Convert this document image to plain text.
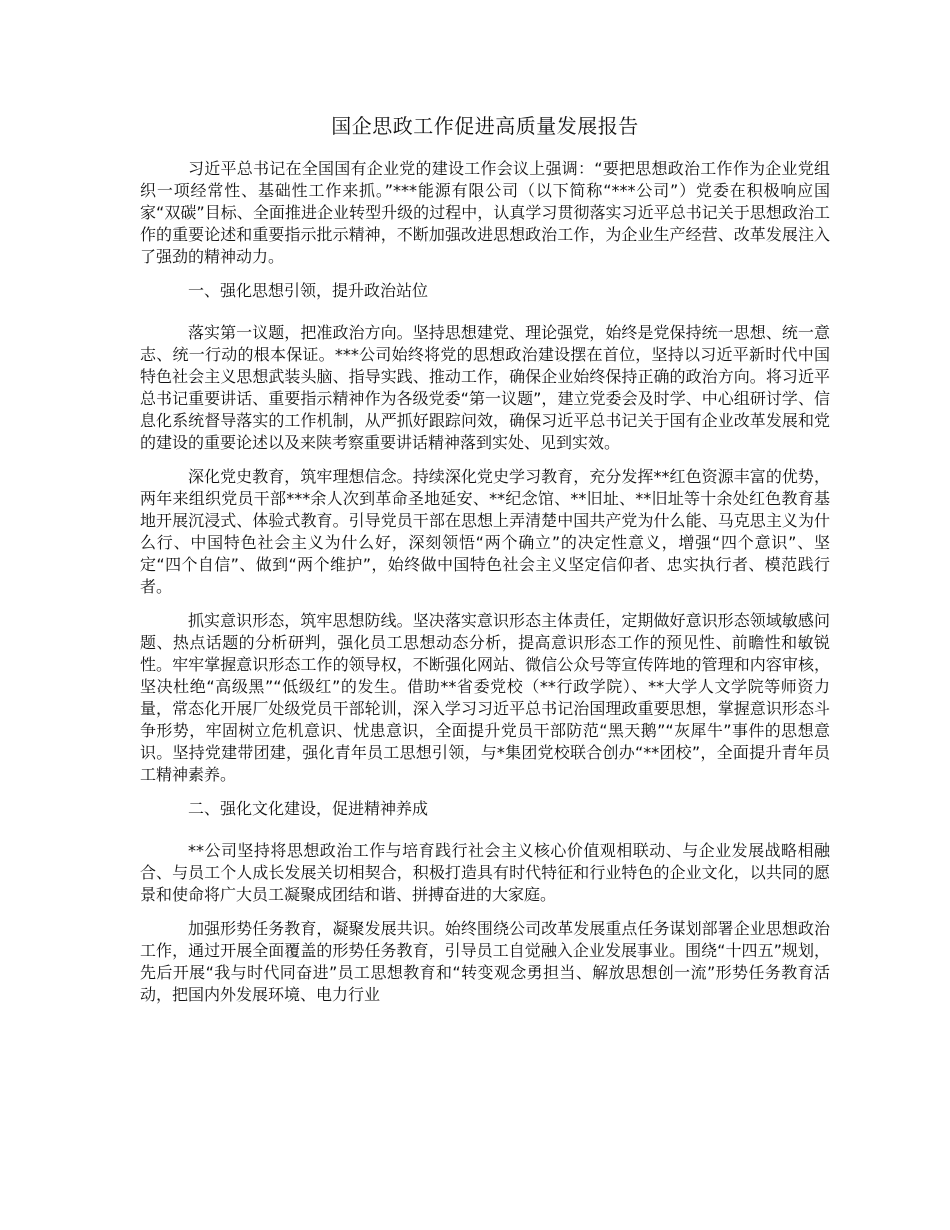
国企思政工作促进高质量发展报告

习近平总书记在全国国有企业党的建设工作会议上强调：“要把思想政治工作作为企业党组织一项经常性、基础性工作来抓。”***能源有限公司（以下简称“***公司”）党委在积极响应国家“双碳”目标、全面推进企业转型升级的过程中，认真学习贯彻落实习近平总书记关于思想政治工作的重要论述和重要指示批示精神，不断加强改进思想政治工作，为企业生产经营、改革发展注入了强劲的精神动力。

一、强化思想引领，提升政治站位

落实第一议题，把准政治方向。坚持思想建党、理论强党，始终是党保持统一思想、统一意志、统一行动的根本保证。***公司始终将党的思想政治建设摆在首位，坚持以习近平新时代中国特色社会主义思想武装头脑、指导实践、推动工作，确保企业始终保持正确的政治方向。将习近平总书记重要讲话、重要指示精神作为各级党委“第一议题”，建立党委会及时学、中心组研讨学、信息化系统督导落实的工作机制，从严抓好跟踪问效，确保习近平总书记关于国有企业改革发展和党的建设的重要论述以及来陕考察重要讲话精神落到实处、见到实效。

深化党史教育，筑牢理想信念。持续深化党史学习教育，充分发挥**红色资源丰富的优势，两年来组织党员干部***余人次到革命圣地延安、**纪念馆、**旧址、**旧址等十余处红色教育基地开展沉浸式、体验式教育。引导党员干部在思想上弄清楚中国共产党为什么能、马克思主义为什么行、中国特色社会主义为什么好，深刻领悟“两个确立”的决定性意义，增强“四个意识”、坚定“四个自信”、做到“两个维护”，始终做中国特色社会主义坚定信仰者、忠实执行者、模范践行者。

抓实意识形态，筑牢思想防线。坚决落实意识形态主体责任，定期做好意识形态领域敏感问题、热点话题的分析研判，强化员工思想动态分析，提高意识形态工作的预见性、前瞻性和敏锐性。牢牢掌握意识形态工作的领导权，不断强化网站、微信公众号等宣传阵地的管理和内容审核，坚决杜绝“高级黑”“低级红”的发生。借助**省委党校（**行政学院）、**大学人文学院等师资力量，常态化开展厂处级党员干部轮训，深入学习习近平总书记治国理政重要思想，掌握意识形态斗争形势，牢固树立危机意识、忧患意识，全面提升党员干部防范“黑天鹅”“灰犀牛”事件的思想意识。坚持党建带团建，强化青年员工思想引领，与*集团党校联合创办“**团校”，全面提升青年员工精神素养。

二、强化文化建设，促进精神养成

**公司坚持将思想政治工作与培育践行社会主义核心价值观相联动、与企业发展战略相融合、与员工个人成长发展关切相契合，积极打造具有时代特征和行业特色的企业文化，以共同的愿景和使命将广大员工凝聚成团结和谐、拼搏奋进的大家庭。

加强形势任务教育，凝聚发展共识。始终围绕公司改革发展重点任务谋划部署企业思想政治工作，通过开展全面覆盖的形势任务教育，引导员工自觉融入企业发展事业。围绕“十四五”规划，先后开展“我与时代同奋进”员工思想教育和“转变观念勇担当、解放思想创一流”形势任务教育活动，把国内外发展环境、电力行业
